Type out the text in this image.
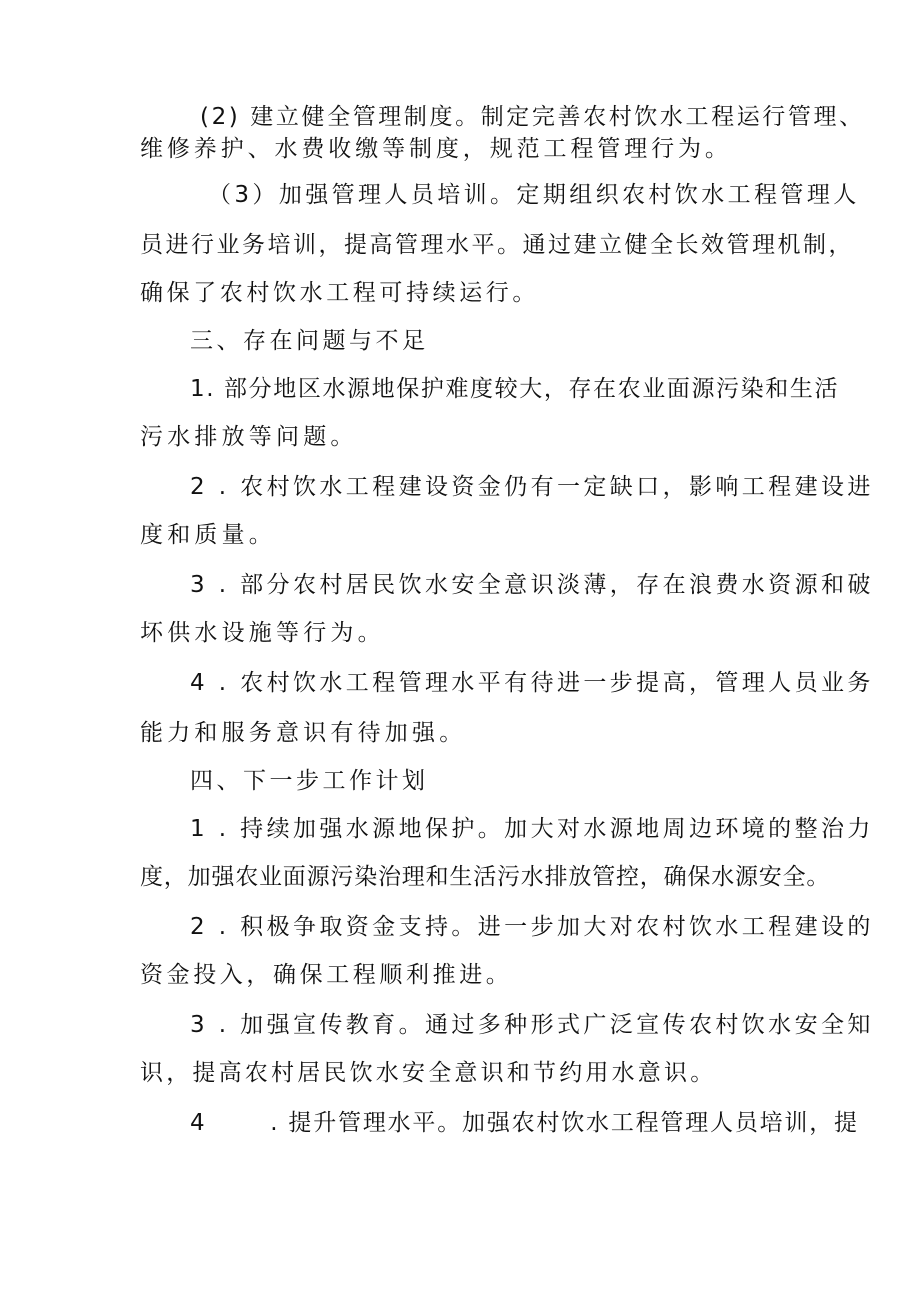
(2) 建立健全管理制度。制定完善农村饮水工程运行管理、
维修养护、水费收缴等制度，规范工程管理行为。
（3）加强管理人员培训。定期组织农村饮水工程管理人
员进行业务培训，提高管理水平。通过建立健全长效管理机制，
确保了农村饮水工程可持续运行。
三、存在问题与不足
1. 部分地区水源地保护难度较大，存在农业面源污染和生活
污水排放等问题。
2 . 农村饮水工程建设资金仍有一定缺口，影响工程建设进
度和质量。
3 . 部分农村居民饮水安全意识淡薄，存在浪费水资源和破
坏供水设施等行为。
4 . 农村饮水工程管理水平有待进一步提高，管理人员业务
能力和服务意识有待加强。
四、下一步工作计划
1 . 持续加强水源地保护。加大对水源地周边环境的整治力
度，加强农业面源污染治理和生活污水排放管控，确保水源安全。
2 . 积极争取资金支持。进一步加大对农村饮水工程建设的
资金投入，确保工程顺利推进。
3 . 加强宣传教育。通过多种形式广泛宣传农村饮水安全知
识，提高农村居民饮水安全意识和节约用水意识。
4       . 提升管理水平。加强农村饮水工程管理人员培训，提
